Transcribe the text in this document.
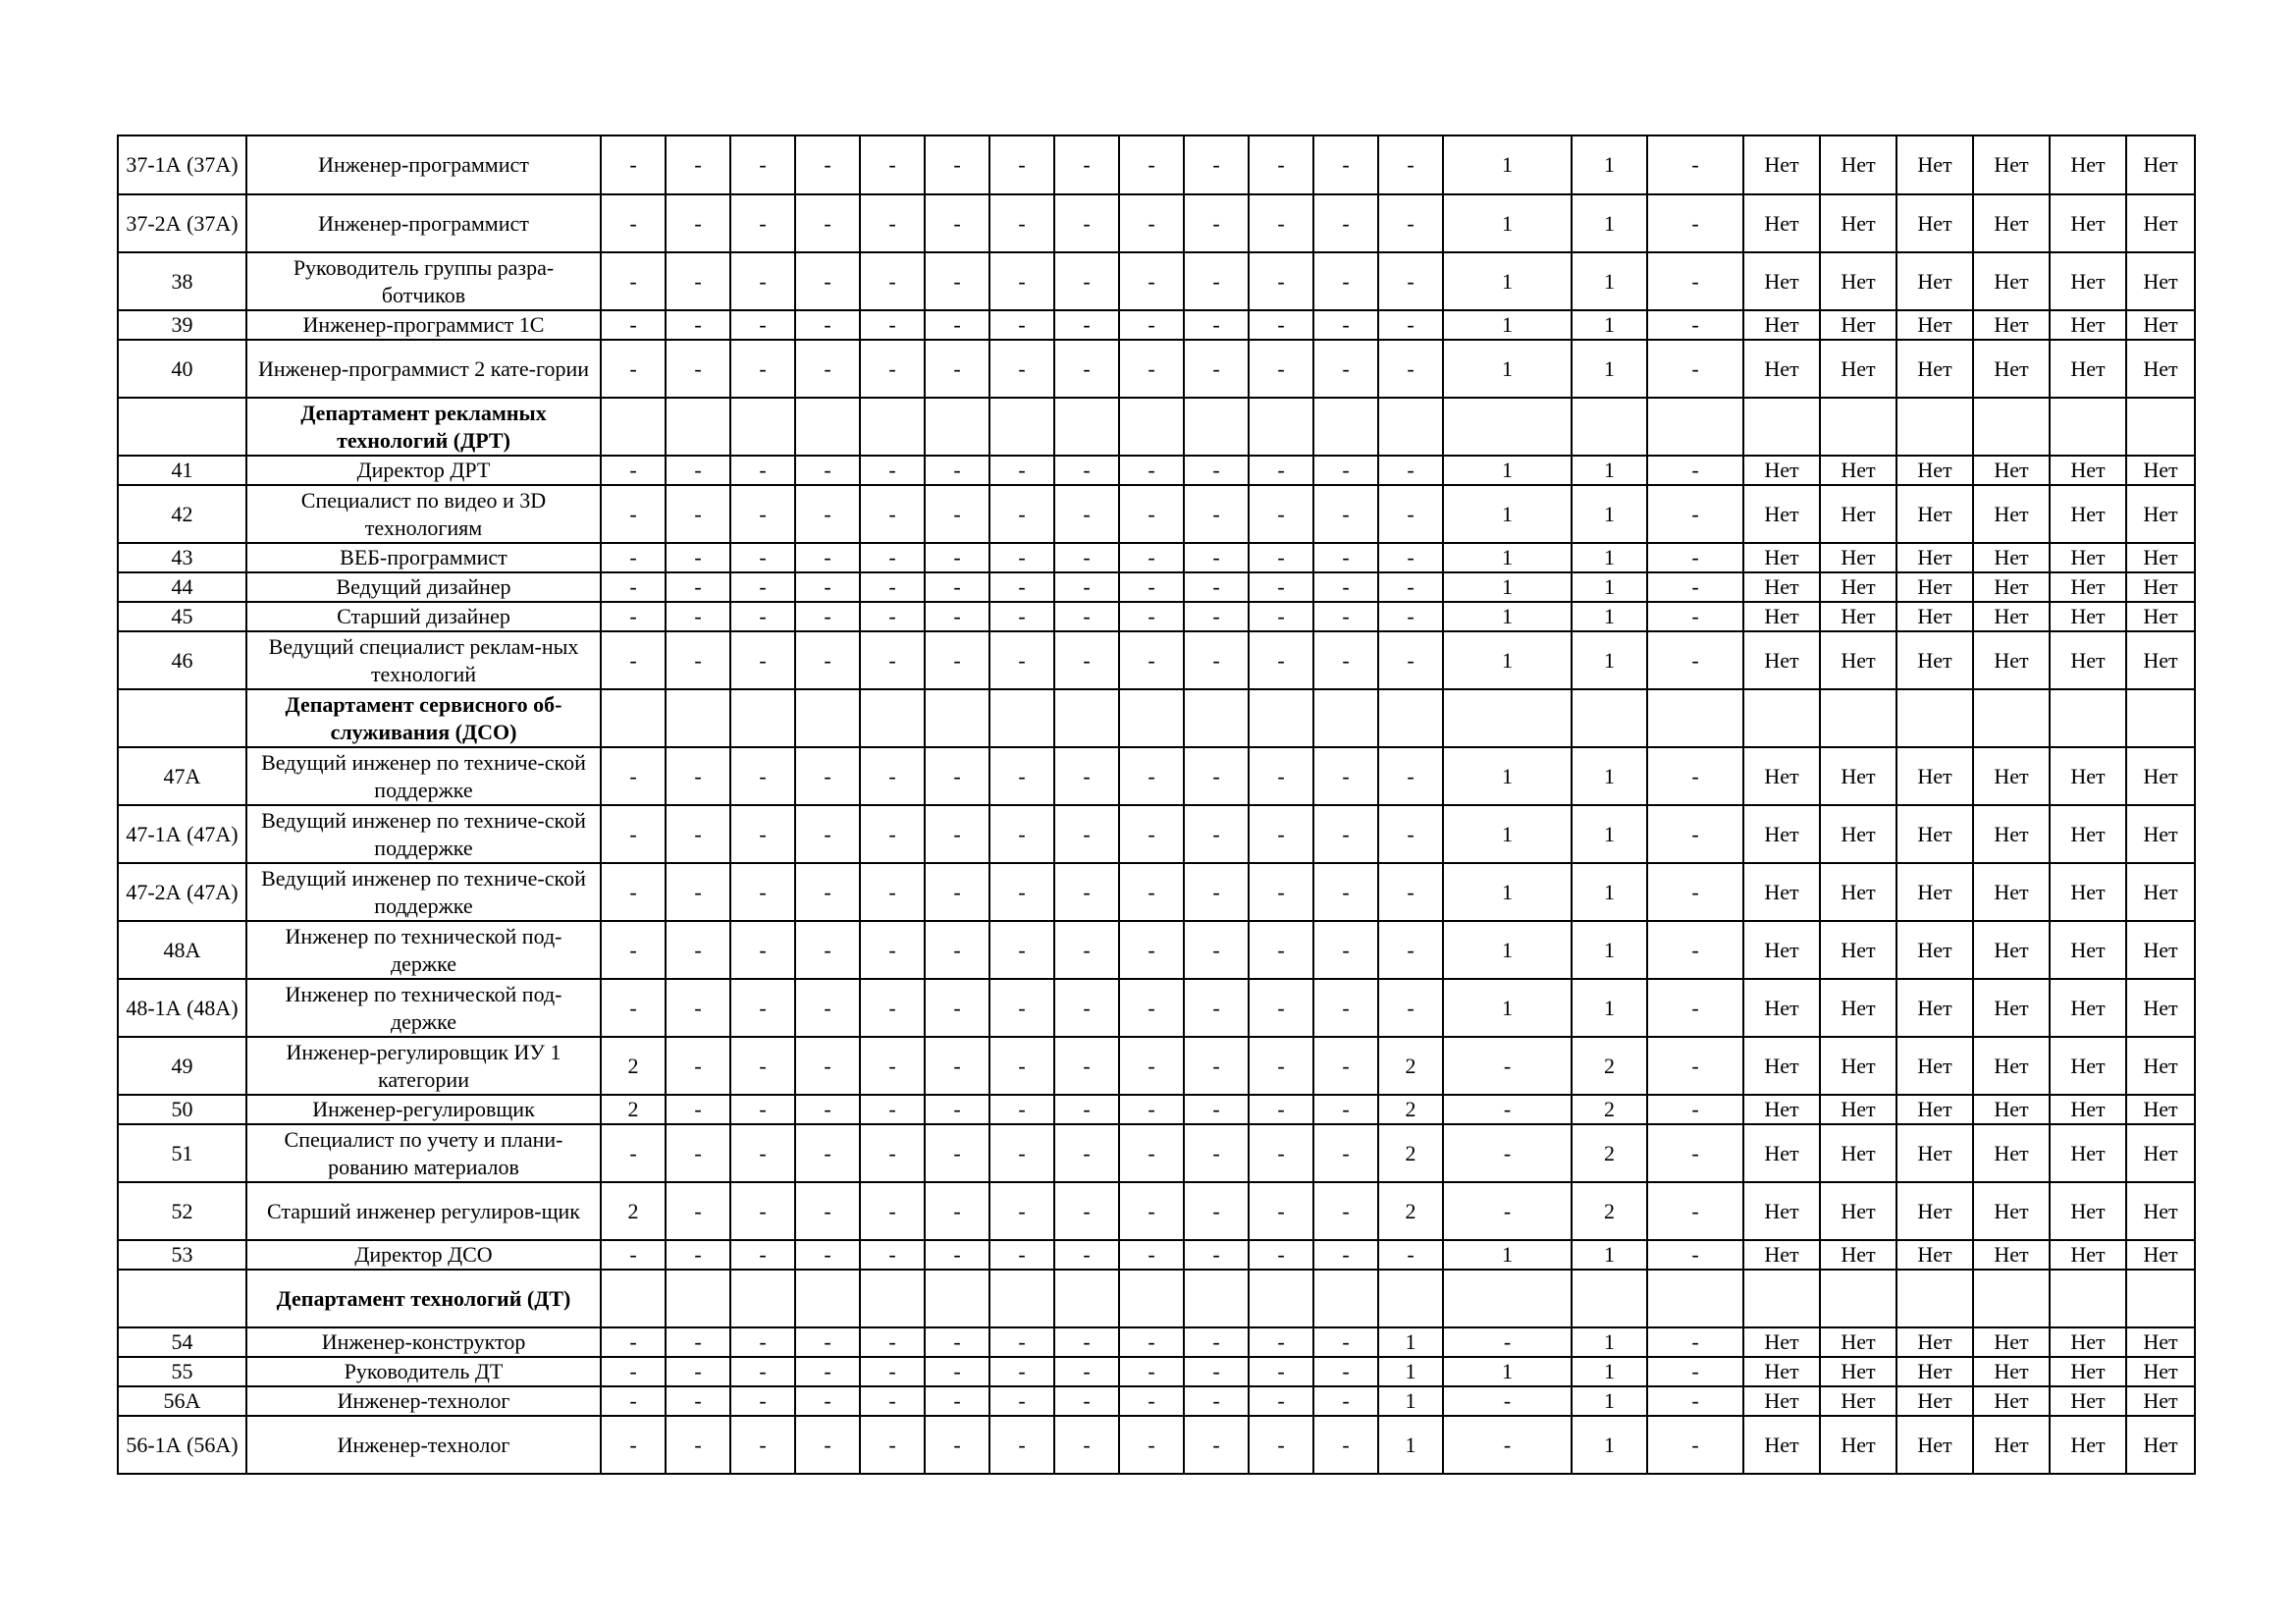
37-1А (37А)	Инженер-программист	-	-	-	-	-	-	-	-	-	-	-	-	-	1	1	-	Нет	Нет	Нет	Нет	Нет	Нет
37-2А (37А)	Инженер-программист	-	-	-	-	-	-	-	-	-	-	-	-	-	1	1	-	Нет	Нет	Нет	Нет	Нет	Нет
38	Руководитель группы разра-ботчиков	-	-	-	-	-	-	-	-	-	-	-	-	-	1	1	-	Нет	Нет	Нет	Нет	Нет	Нет
39	Инженер-программист 1С	-	-	-	-	-	-	-	-	-	-	-	-	-	1	1	-	Нет	Нет	Нет	Нет	Нет	Нет
40	Инженер-программист 2 кате-гории	-	-	-	-	-	-	-	-	-	-	-	-	-	1	1	-	Нет	Нет	Нет	Нет	Нет	Нет
	Департамент рекламных технологий (ДРТ)																						
41	Директор ДРТ	-	-	-	-	-	-	-	-	-	-	-	-	-	1	1	-	Нет	Нет	Нет	Нет	Нет	Нет
42	Специалист по видео и 3D технологиям	-	-	-	-	-	-	-	-	-	-	-	-	-	1	1	-	Нет	Нет	Нет	Нет	Нет	Нет
43	ВЕБ-программист	-	-	-	-	-	-	-	-	-	-	-	-	-	1	1	-	Нет	Нет	Нет	Нет	Нет	Нет
44	Ведущий дизайнер	-	-	-	-	-	-	-	-	-	-	-	-	-	1	1	-	Нет	Нет	Нет	Нет	Нет	Нет
45	Старший дизайнер	-	-	-	-	-	-	-	-	-	-	-	-	-	1	1	-	Нет	Нет	Нет	Нет	Нет	Нет
46	Ведущий специалист реклам-ных технологий	-	-	-	-	-	-	-	-	-	-	-	-	-	1	1	-	Нет	Нет	Нет	Нет	Нет	Нет
	Департамент сервисного об-служивания (ДСО)																						
47А	Ведущий инженер по техниче-ской поддержке	-	-	-	-	-	-	-	-	-	-	-	-	-	1	1	-	Нет	Нет	Нет	Нет	Нет	Нет
47-1А (47А)	Ведущий инженер по техниче-ской поддержке	-	-	-	-	-	-	-	-	-	-	-	-	-	1	1	-	Нет	Нет	Нет	Нет	Нет	Нет
47-2А (47А)	Ведущий инженер по техниче-ской поддержке	-	-	-	-	-	-	-	-	-	-	-	-	-	1	1	-	Нет	Нет	Нет	Нет	Нет	Нет
48А	Инженер по технической под-держке	-	-	-	-	-	-	-	-	-	-	-	-	-	1	1	-	Нет	Нет	Нет	Нет	Нет	Нет
48-1А (48А)	Инженер по технической под-держке	-	-	-	-	-	-	-	-	-	-	-	-	-	1	1	-	Нет	Нет	Нет	Нет	Нет	Нет
49	Инженер-регулировщик ИУ 1 категории	2	-	-	-	-	-	-	-	-	-	-	-	2	-	2	-	Нет	Нет	Нет	Нет	Нет	Нет
50	Инженер-регулировщик	2	-	-	-	-	-	-	-	-	-	-	-	2	-	2	-	Нет	Нет	Нет	Нет	Нет	Нет
51	Специалист по учету и плани-рованию материалов	-	-	-	-	-	-	-	-	-	-	-	-	2	-	2	-	Нет	Нет	Нет	Нет	Нет	Нет
52	Старший инженер регулиров-щик	2	-	-	-	-	-	-	-	-	-	-	-	2	-	2	-	Нет	Нет	Нет	Нет	Нет	Нет
53	Директор ДСО	-	-	-	-	-	-	-	-	-	-	-	-	-	1	1	-	Нет	Нет	Нет	Нет	Нет	Нет
	Департамент технологий (ДТ)																						
54	Инженер-конструктор	-	-	-	-	-	-	-	-	-	-	-	-	1	-	1	-	Нет	Нет	Нет	Нет	Нет	Нет
55	Руководитель ДТ	-	-	-	-	-	-	-	-	-	-	-	-	1	1	1	-	Нет	Нет	Нет	Нет	Нет	Нет
56А	Инженер-технолог	-	-	-	-	-	-	-	-	-	-	-	-	1	-	1	-	Нет	Нет	Нет	Нет	Нет	Нет
56-1А (56А)	Инженер-технолог	-	-	-	-	-	-	-	-	-	-	-	-	1	-	1	-	Нет	Нет	Нет	Нет	Нет	Нет
